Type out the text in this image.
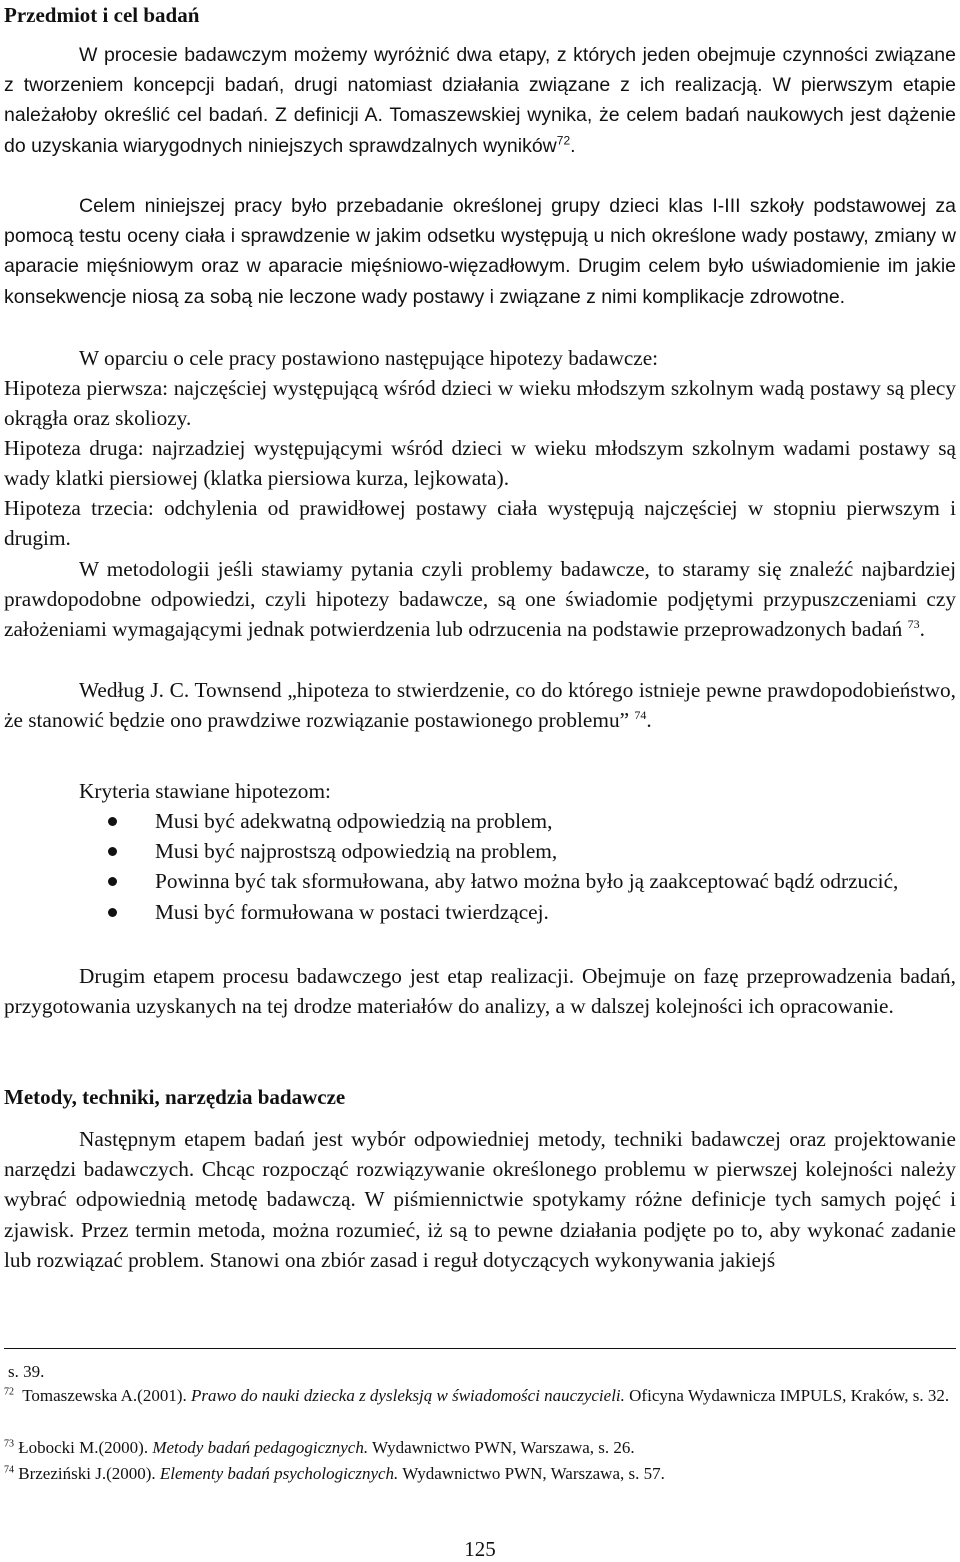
Przedmiot i cel badań

W procesie badawczym możemy wyróżnić dwa etapy, z których jeden obejmuje czynności związane z tworzeniem koncepcji badań, drugi natomiast działania związane z ich realizacją. W pierwszym etapie należałoby określić cel badań. Z definicji A. Tomaszewskiej wynika, że celem badań naukowych jest dążenie do uzyskania wiarygodnych niniejszych sprawdzalnych wyników$^{72}$.

Celem niniejszej pracy było przebadanie określonej grupy dzieci klas I-III szkoły podstawowej za pomocą testu oceny ciała i sprawdzenie w jakim odsetku występują u nich określone wady postawy, zmiany w aparacie mięśniowym oraz w aparacie mięśniowo-więzadłowym. Drugim celem było uświadomienie im jakie konsekwencje niosą za sobą nie leczone wady postawy i związane z nimi komplikacje zdrowotne.

W oparciu o cele pracy postawiono następujące hipotezy badawcze:

Hipoteza pierwsza: najczęściej występującą wśród dzieci w wieku młodszym szkolnym wadą postawy są plecy okrągła oraz skoliozy.

Hipoteza druga: najrzadziej występującymi wśród dzieci w wieku młodszym szkolnym wadami postawy są wady klatki piersiowej (klatka piersiowa kurza, lejkowata).

Hipoteza trzecia: odchylenia od prawidłowej postawy ciała występują najczęściej w stopniu pierwszym i drugim.

W metodologii jeśli stawiamy pytania czyli problemy badawcze, to staramy się znaleźć najbardziej prawdopodobne odpowiedzi, czyli hipotezy badawcze, są one świadomie podjętymi przypuszczeniami czy założeniami wymagającymi jednak potwierdzenia lub odrzucenia na podstawie przeprowadzonych badań $^{73}$.

Według J. C. Townsend „hipoteza to stwierdzenie, co do którego istnieje pewne prawdopodobieństwo, że stanowić będzie ono prawdziwe rozwiązanie postawionego problemu” $^{74}$.

Kryteria stawiane hipotezom:

Musi być adekwatną odpowiedzią na problem,
Musi być najprostszą odpowiedzią na problem,
Powinna być tak sformułowana, aby łatwo można było ją zaakceptować bądź odrzucić,
Musi być formułowana w postaci twierdzącej.

Drugim etapem procesu badawczego jest etap realizacji. Obejmuje on fazę przeprowadzenia badań, przygotowania uzyskanych na tej drodze materiałów do analizy, a w dalszej kolejności ich opracowanie.

Metody, techniki, narzędzia badawcze

Następnym etapem badań jest wybór odpowiedniej metody, techniki badawczej oraz projektowanie narzędzi badawczych. Chcąc rozpocząć rozwiązywanie określonego problemu w pierwszej kolejności należy wybrać odpowiednią metodę badawczą. W piśmiennictwie spotykamy różne definicje tych samych pojęć i zjawisk. Przez termin metoda, można rozumieć, iż są to pewne działania podjęte po to, aby wykonać zadanie lub rozwiązać problem. Stanowi ona zbiór zasad i reguł dotyczących wykonywania jakiejś

s. 39.

$^{72}$ Tomaszewska A.(2001). Prawo do nauki dziecka z dysleksją w świadomości nauczycieli. Oficyna Wydawnicza IMPULS, Kraków, s. 32.

$^{73}$ Łobocki M.(2000). Metody badań pedagogicznych. Wydawnictwo PWN, Warszawa, s. 26.

$^{74}$ Brzeziński J.(2000). Elementy badań psychologicznych. Wydawnictwo PWN, Warszawa, s. 57.

125
